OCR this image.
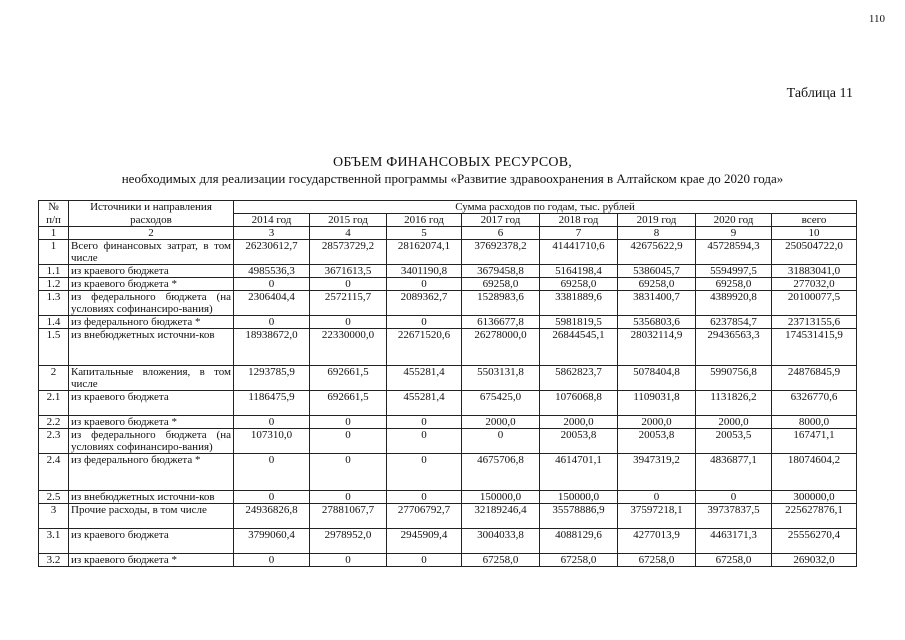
110
Таблица 11
ОБЪЕМ ФИНАНСОВЫХ РЕСУРСОВ,
необходимых для реализации государственной программы «Развитие здравоохранения в Алтайском крае до 2020 года»
№	Источники и направления	Сумма расходов по годам, тыс. рублей							
п/п	расходов	2014 год	2015 год	2016 год	2017 год	2018 год	2019 год	2020 год	всего
1	2	3	4	5	6	7	8	9	10
1	Всего финансовых затрат, в том числе	26230612,7	28573729,2	28162074,1	37692378,2	41441710,6	42675622,9	45728594,3	250504722,0
1.1	из краевого бюджета	4985536,3	3671613,5	3401190,8	3679458,8	5164198,4	5386045,7	5594997,5	31883041,0
1.2	из краевого бюджета *	0	0	0	69258,0	69258,0	69258,0	69258,0	277032,0
1.3	из федерального бюджета (на условиях софинансиро-вания)	2306404,4	2572115,7	2089362,7	1528983,6	3381889,6	3831400,7	4389920,8	20100077,5
1.4	из федерального бюджета *	0	0	0	6136677,8	5981819,5	5356803,6	6237854,7	23713155,6
1.5	из внебюджетных источни-ков	18938672,0	22330000,0	22671520,6	26278000,0	26844545,1	28032114,9	29436563,3	174531415,9
2	Капитальные вложения, в том числе	1293785,9	692661,5	455281,4	5503131,8	5862823,7	5078404,8	5990756,8	24876845,9
2.1	из краевого бюджета	1186475,9	692661,5	455281,4	675425,0	1076068,8	1109031,8	1131826,2	6326770,6
2.2	из краевого бюджета *	0	0	0	2000,0	2000,0	2000,0	2000,0	8000,0
2.3	из федерального бюджета (на условиях софинансиро-вания)	107310,0	0	0	0	20053,8	20053,8	20053,5	167471,1
2.4	из федерального бюджета *	0	0	0	4675706,8	4614701,1	3947319,2	4836877,1	18074604,2
2.5	из внебюджетных источни-ков	0	0	0	150000,0	150000,0	0	0	300000,0
3	Прочие расходы, в том числе	24936826,8	27881067,7	27706792,7	32189246,4	35578886,9	37597218,1	39737837,5	225627876,1
3.1	из краевого бюджета	3799060,4	2978952,0	2945909,4	3004033,8	4088129,6	4277013,9	4463171,3	25556270,4
3.2	из краевого бюджета *	0	0	0	67258,0	67258,0	67258,0	67258,0	269032,0
